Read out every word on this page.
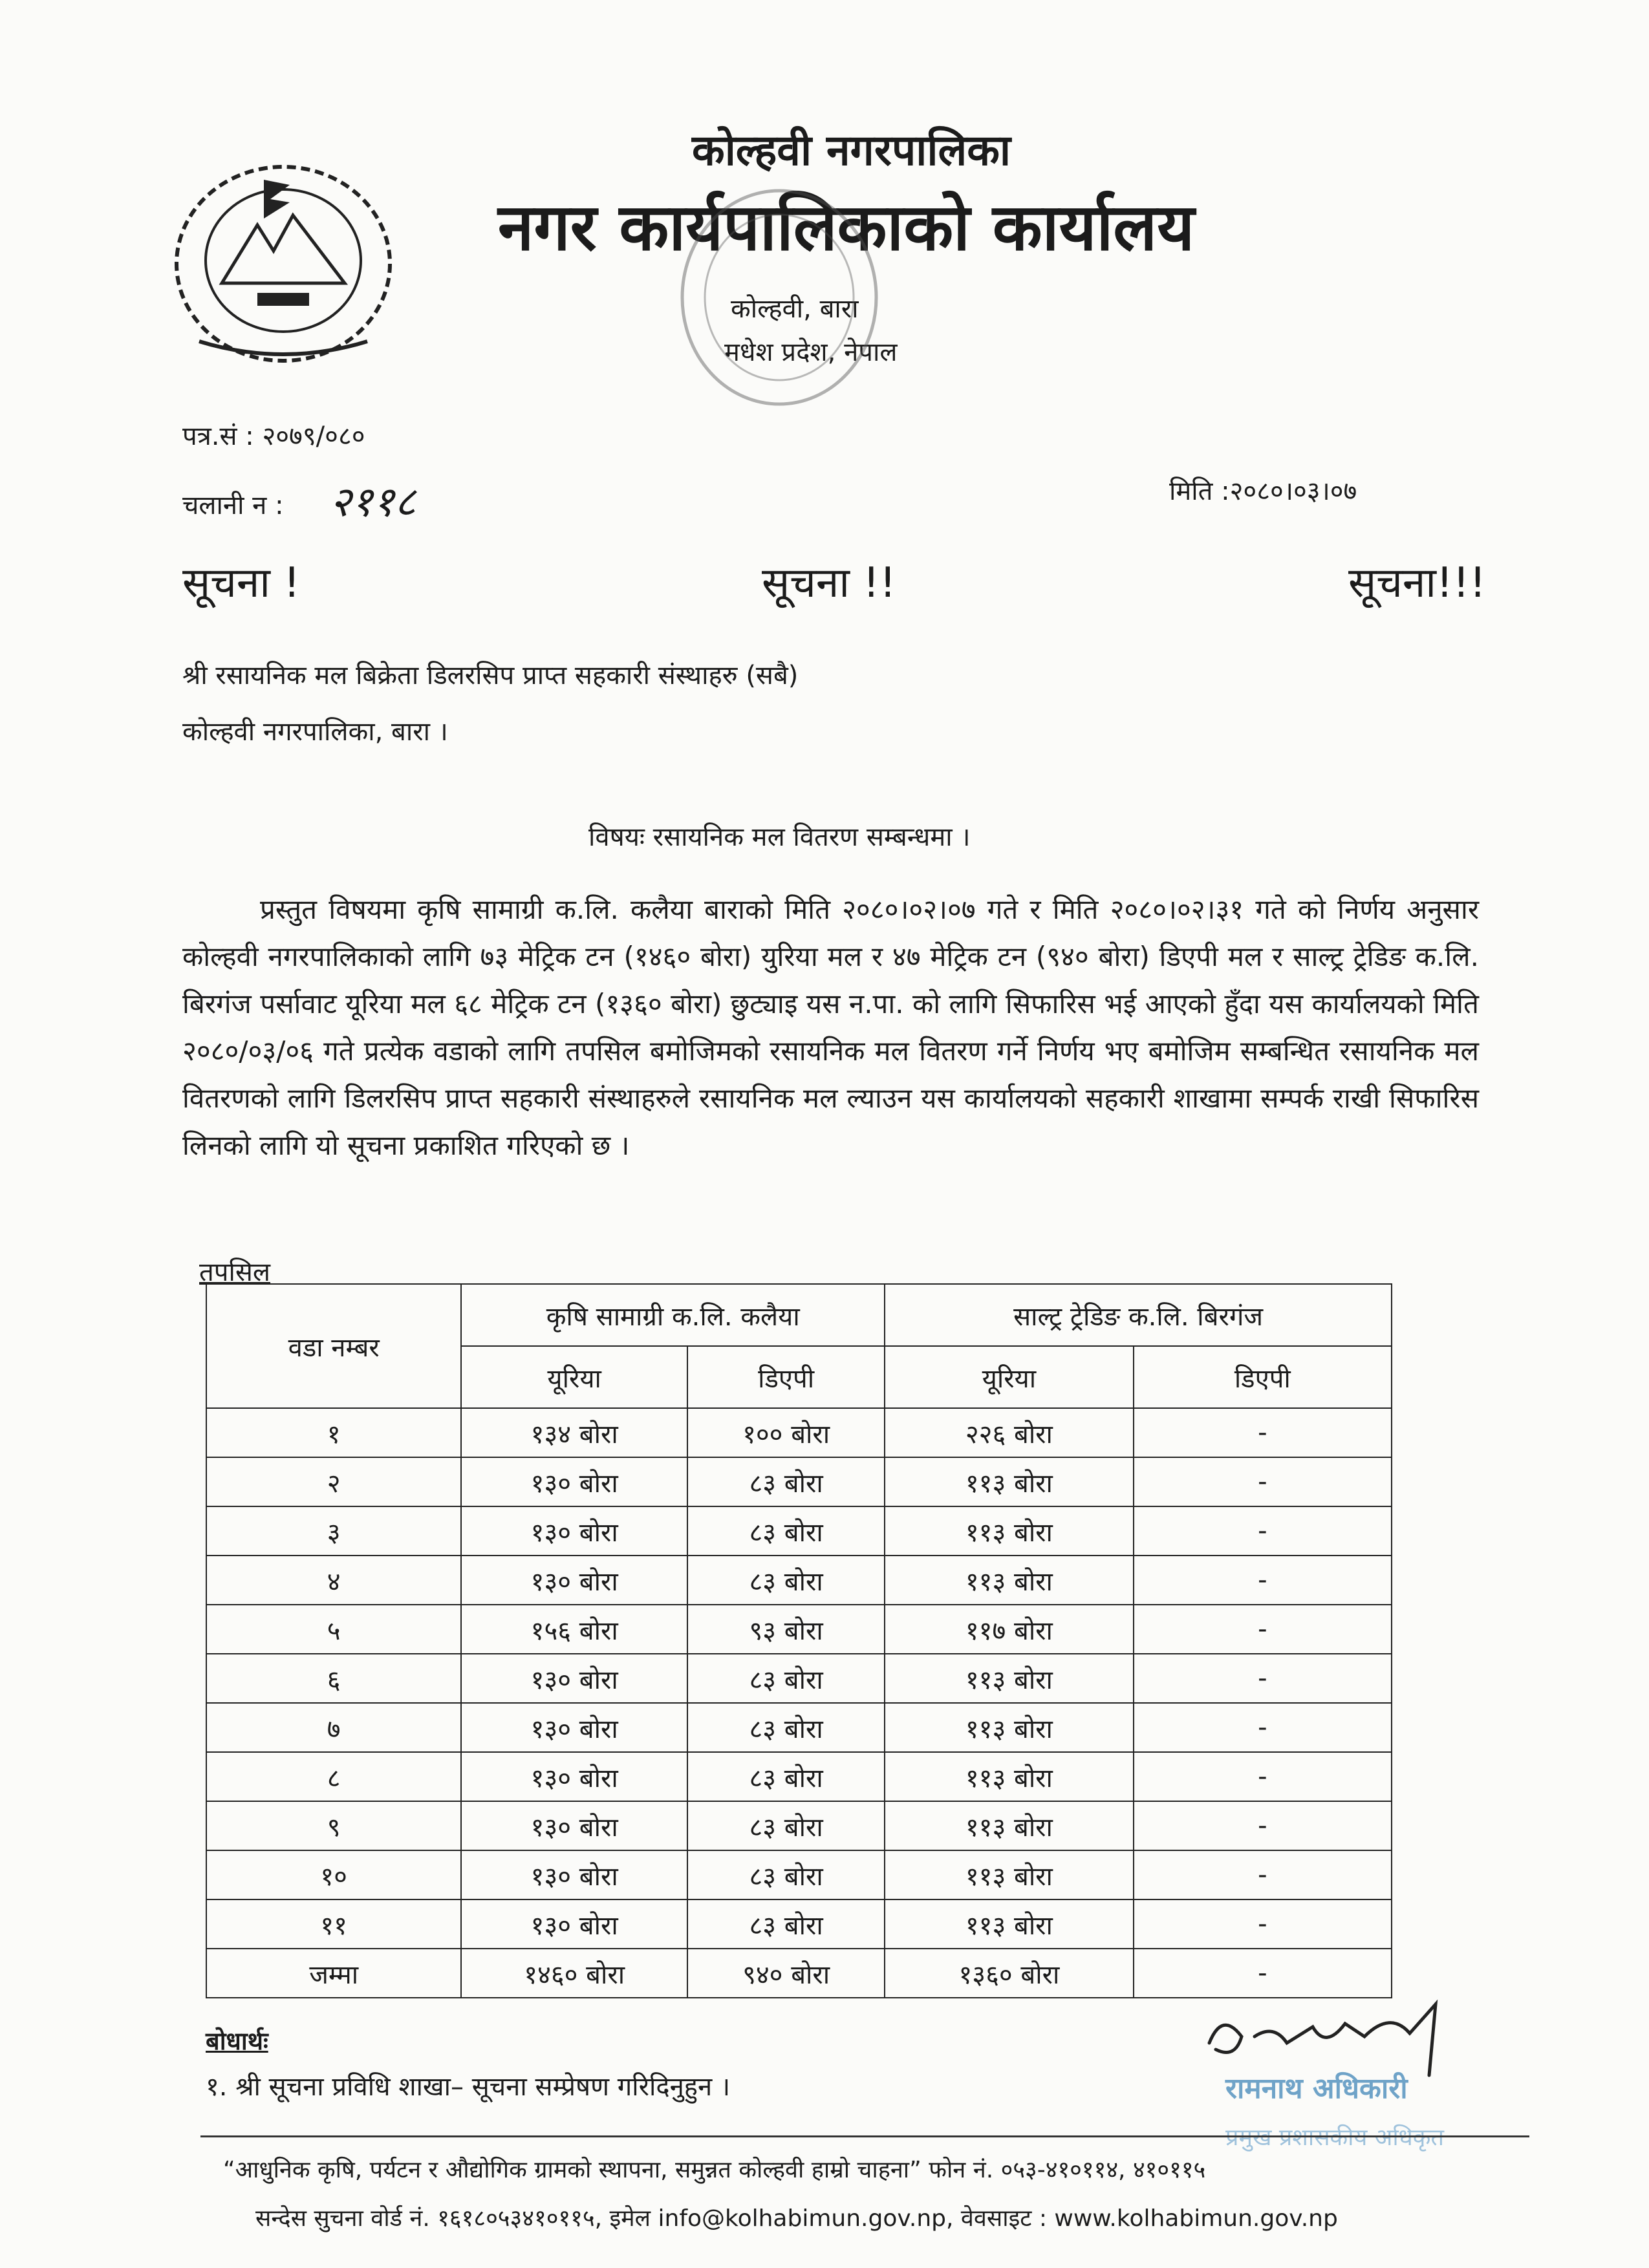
कोल्हवी नगरपालिका
नगर कार्यपालिकाको कार्यालय
कोल्हवी, बारा
मधेश प्रदेश, नेपाल
पत्र.सं : २०७९/०८०
चलानी न : २११८	मिति :२०८०।०३।०७
सूचना !	सूचना !!	सूचना!!!
श्री रसायनिक मल बिक्रेता डिलरसिप प्राप्त सहकारी संस्थाहरु (सबै)
कोल्हवी नगरपालिका, बारा ।
विषयः रसायनिक मल वितरण सम्बन्धमा ।
प्रस्तुत विषयमा कृषि सामाग्री क.लि. कलैया बाराको मिति २०८०।०२।०७ गते र मिति २०८०।०२।३१ गते को निर्णय अनुसार कोल्हवी नगरपालिकाको लागि ७३ मेट्रिक टन (१४६० बोरा) युरिया मल र ४७ मेट्रिक टन (९४० बोरा) डिएपी मल र साल्ट्र ट्रेडिङ क.लि. बिरगंज पर्सावाट यूरिया मल ६८ मेट्रिक टन (१३६० बोरा) छुट्याइ यस न.पा. को लागि सिफारिस भई आएको हुँदा यस कार्यालयको मिति २०८०/०३/०६ गते प्रत्येक वडाको लागि तपसिल बमोजिमको रसायनिक मल वितरण गर्ने निर्णय भए बमोजिम सम्बन्धित रसायनिक मल वितरणको लागि डिलरसिप प्राप्त सहकारी संस्थाहरुले रसायनिक मल ल्याउन यस कार्यालयको सहकारी शाखामा सम्पर्क राखी सिफारिस लिनको लागि यो सूचना प्रकाशित गरिएको छ ।
तपसिल
वडा नम्बर	कृषि सामाग्री क.लि. कलैया		साल्ट्र ट्रेडिङ क.लि. बिरगंज	
	यूरिया	डिएपी	यूरिया	डिएपी
१	१३४ बोरा	१०० बोरा	२२६ बोरा	-
२	१३० बोरा	८३ बोरा	११३ बोरा	-
३	१३० बोरा	८३ बोरा	११३ बोरा	-
४	१३० बोरा	८३ बोरा	११३ बोरा	-
५	१५६ बोरा	९३ बोरा	११७ बोरा	-
६	१३० बोरा	८३ बोरा	११३ बोरा	-
७	१३० बोरा	८३ बोरा	११३ बोरा	-
८	१३० बोरा	८३ बोरा	११३ बोरा	-
९	१३० बोरा	८३ बोरा	११३ बोरा	-
१०	१३० बोरा	८३ बोरा	११३ बोरा	-
११	१३० बोरा	८३ बोरा	११३ बोरा	-
जम्मा	१४६० बोरा	९४० बोरा	१३६० बोरा	-
बोधार्थः
१. श्री सूचना प्रविधि शाखा– सूचना सम्प्रेषण गरिदिनुहुन ।	रामनाथ अधिकारी
प्रमुख प्रशासकीय अधिकृत
“आधुनिक कृषि, पर्यटन र औद्योगिक ग्रामको स्थापना, समुन्नत कोल्हवी हाम्रो चाहना” फोन नं. ०५३-४१०११४, ४१०११५
सन्देस सुचना वोर्ड नं. १६१८०५३४१०११५, इमेल info@kolhabimun.gov.np, वेवसाइट : www.kolhabimun.gov.np
